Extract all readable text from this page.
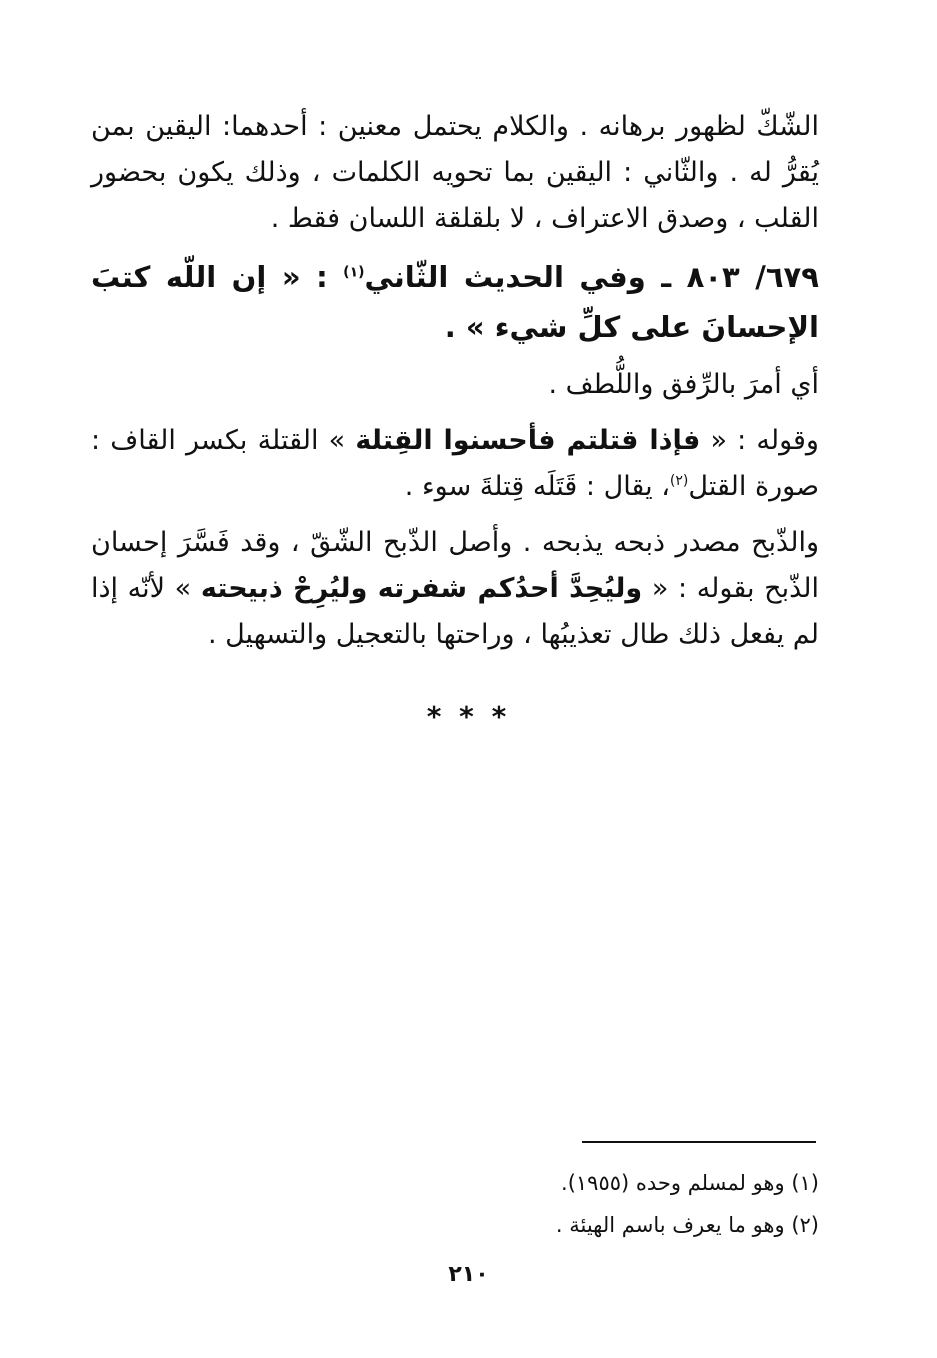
الشّكّ لظهور برهانه . والكلام يحتمل معنين : أحدهما: اليقين بمن يُقرُّ له . والثّاني : اليقين بما تحويه الكلمات ، وذلك يكون بحضور القلب ، وصدق الاعتراف ، لا بلقلقة اللسان فقط .

٦٧٩/ ٨٠٣ ـ وفي الحديث الثّاني$^{(١)}$ : « إن اللّه كتبَ الإحسانَ على كلِّ شيء » .

أي أمرَ بالرِّفق واللُّطف .

وقوله : « فإذا قتلتم فأحسنوا القِتلة » القتلة بكسر القاف : صورة القتل$^{(٢)}$، يقال : قَتَلَه قِتلةَ سوء .

والذّبح مصدر ذبحه يذبحه . وأصل الذّبح الشّقّ ، وقد فَسَّرَ إحسان الذّبح بقوله : « وليُحِدَّ أحدُكم شفرته وليُرِحْ ذبيحته » لأنّه إذا لم يفعل ذلك طال تعذيبُها ، وراحتها بالتعجيل والتسهيل .

* * *

(١) وهو لمسلم وحده (١٩٥٥).

(٢) وهو ما يعرف باسم الهيئة .

٢١٠
